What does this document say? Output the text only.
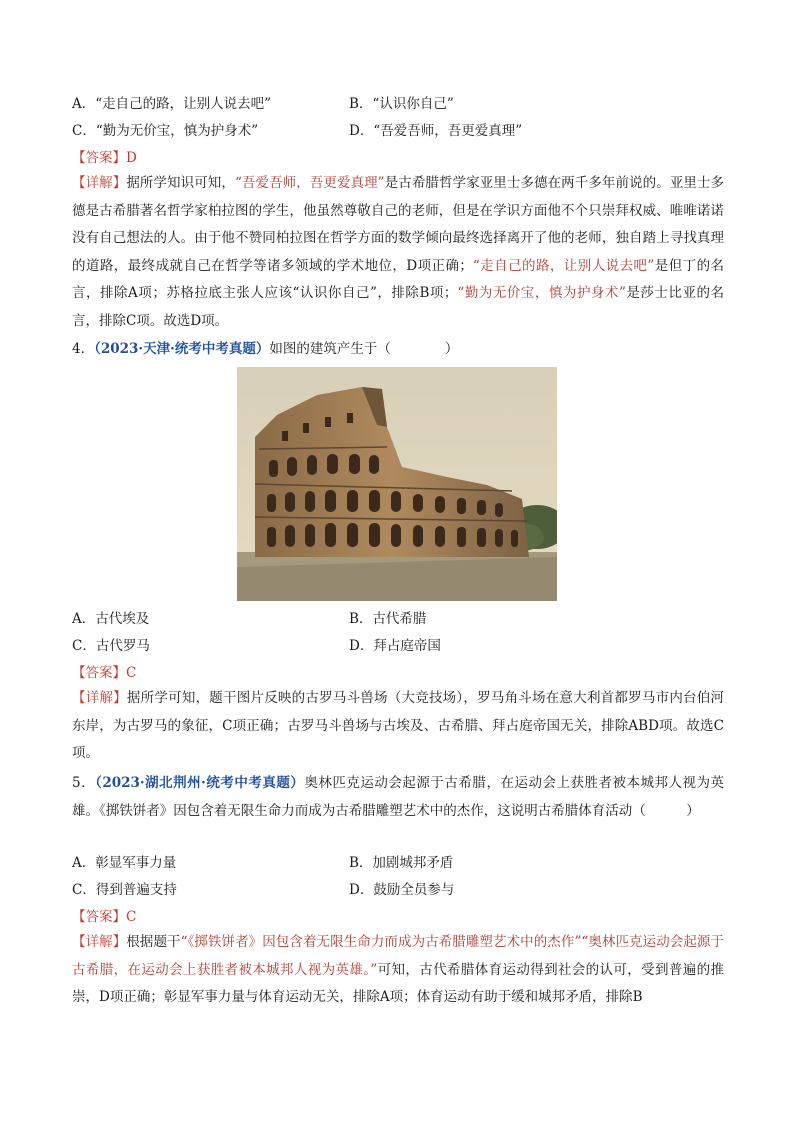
A．“走自己的路，让别人说去吧”	B．“认识你自己”
C．“勤为无价宝，慎为护身术”	D．“吾爱吾师，吾更爱真理”
【答案】D
【详解】据所学知识可知，“吾爱吾师，吾更爱真理”是古希腊哲学家亚里士多德在两千多年前说的。亚里士多德是古希腊著名哲学家柏拉图的学生，他虽然尊敬自己的老师，但是在学识方面他不个只崇拜权威、唯唯诺诺没有自己想法的人。由于他不赞同柏拉图在哲学方面的数学倾向最终选择离开了他的老师，独自踏上寻找真理的道路，最终成就自己在哲学等诸多领域的学术地位，D项正确；“走自己的路，让别人说去吧”是但丁的名言，排除A项；苏格拉底主张人应该“认识你自己”，排除B项；“勤为无价宝，慎为护身术”是莎士比亚的名言，排除C项。故选D项。
4．（2023·天津·统考中考真题）如图的建筑产生于（　　　　）
A．古代埃及	B．古代希腊
C．古代罗马	D．拜占庭帝国
【答案】C
【详解】据所学可知，题干图片反映的古罗马斗兽场（大竞技场），罗马角斗场在意大利首都罗马市内台伯河东岸，为古罗马的象征，C项正确；古罗马斗兽场与古埃及、古希腊、拜占庭帝国无关，排除ABD项。故选C项。
5．（2023·湖北荆州·统考中考真题）奥林匹克运动会起源于古希腊，在运动会上获胜者被本城邦人视为英雄。《掷铁饼者》因包含着无限生命力而成为古希腊雕塑艺术中的杰作，这说明古希腊体育活动（　　　）
A．彰显军事力量	B．加剧城邦矛盾
C．得到普遍支持	D．鼓励全员参与
【答案】C
【详解】根据题干“《掷铁饼者》因包含着无限生命力而成为古希腊雕塑艺术中的杰作”“奥林匹克运动会起源于古希腊，在运动会上获胜者被本城邦人视为英雄。”可知，古代希腊体育运动得到社会的认可，受到普遍的推崇，D项正确；彰显军事力量与体育运动无关，排除A项；体育运动有助于缓和城邦矛盾，排除B
